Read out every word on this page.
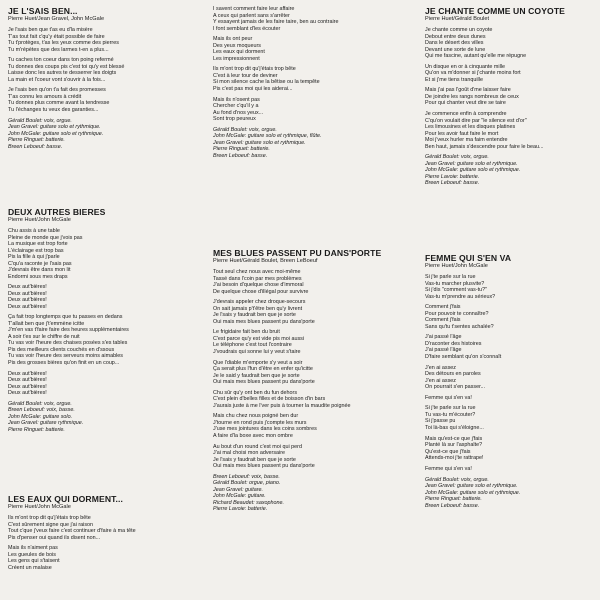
JE L'SAIS BEN...
Pierre Huet/Jean Gravel, John McGale
Je l'sais ben que t'as eu d'la misère
T'as tout fait c'qu'y était possible de faire
Tu t'protèges, t'as les yeux comme des pierres
Tu m'répètes que des larmes t-en a plus...
Tu caches ton coeur dans ton poing refermé
Tu donnes des coups pis c'est toi qu'y est blessé
Laisse donc les autres te desserrer les doigts
La main et l'coeur vont s'ouvrir à la fois...
Je l'sais ben qu'on t'a fait des promesses
T'as connu les amours à crédit
Tu donnes plus comme avant la tendresse
Tu l'échanges tu veux des garanties...
Gérald Boulet: voix, orgue.
Jean Gravel: guitare solo et rythmique.
John McGale: guitare solo et rythmique.
Pierre Ringuet: batterie.
Breen Leboeuf: basse.
DEUX AUTRES BIERES
Pierre Huet/John McGale
Chu assis à une table
Pleine de monde que j'vois pas
La musique est trop forte
L'éclairage est trop bas
Pis la fille à qui j'parle
C'qu'a raconte je l'sais pas
J'devrais être dans mon lit
Endormi sous mes draps
Deux aut'bières!
Deux aut'bières!
Deux aut'bières!
Deux aut'bières!
Ça fait trop longtemps que tu passes en dedans
T'allait ben que j't'emmène icitte
J'm'en vas t'faire faire des heures supplémentaires
A soir t'es sur le chiffre de nuit
Tu vas voir l'heure des chaises posées s'es tables
Pis des meilleurs clients couchés en d'ssous
Tu vas voir l'heure des serveurs moins aimables
Pis des grosses bières qu'on finit en un coup...
Deux aut'bières!
Deux aut'bières!
Deux aut'bières!
Deux aut'bières!
Gérald Boulet: voix, orgue.
Breen Leboeuf: voix, basse.
John McGale: guitare solo.
Jean Gravel: guitare rythmique.
Pierre Ringuet: batterie.
LES EAUX QUI DORMENT...
Pierre Huet/John McGale
Ils m'ont trop dit qu'j'étais trop bête
C'est sûrement signe que j'ai raison
Tout c'que j'veux faire c'est continuer d'faire à ma tête
Pis d'penser oui quand ils disent non...
Mais ils n'aiment pas
Les gueules de bois
Les gens qui s'taisent
Créent un malaise
I savent comment faire leur affaire
A ceux qui parlent sans s'arrêter
Y essayent jamais de les faire taire, ben au contraire
I font semblant d'les écouter
Mais ils ont peur
Des yeux moqueurs
Les eaux qui dorment
Les impressionnent
Ils m'ont trop dit qu'j'étais trop bête
C'est à leur tour de deviner
Si mon silence cache la bêtise ou la tempête
Pis c'est pas moi qui les aiderai...
Mais ils n'osent pas
Chercher c'qu'il y a
Au fond d'nos yeux...
Sont trop peureux
Gérald Boulet: voix, orgue.
John McGale: guitare solo et rythmique, flûte.
Jean Gravel: guitare solo et rythmique.
Pierre Ringuet: batterie.
Breen Leboeuf: basse.
MES BLUES PASSENT PU DANS'PORTE
Pierre Huet/Gérald Boulet, Breen LeBoeuf
Tout seul chez nous avec moi-même
Tassé dans l'coin par mes problèmes
J'ai besoin d'quelque chose d'immoral
De quelque chose d'illégal pour survivre
J'devrais appeler chez droque-secours
On sait jamais p't'être ben qu'y livrent
Je l'sais y faudrait ben que je sorte
Oui mais mes blues passent pu dans'porte
Le frigidaire fait ben du bruit
C'est parce qu'y est vide pis moi aussi
Le téléphone c'est tout l'contraire
J'voudrais qui sonne lui y veut s'taire
Que l'diable m'emporte s'y veut a soir
Ça serait plus l'fun d'être en enfer qu'icitte
Je le said y faudrait ben que je sorte
Oui mais mes blues passent pu dans'porte
Chu sûr qu'y ont ben du fun dehors
C'est plein d'belles filles et de boisson d'in bars
J'aurais juste à me l'ver puis à tourner la maudite poignée
Mais chu chez nous poigné ben dur
J'tourne en rond puis j'compte les murs
J'use mes jointures dans les coins sombres
A faire d'la boxe avec mon ombre
Au bout d'un round c'est moi qui perd
J'ai mal choisi mon adversaire
Je l'sais y faudrait ben que je sorte
Oui mais mes blues passent pu dans'porte
Breen Leboeuf: voix, basse.
Gérald Boulet: orgue, piano.
Jean Gravel: guitare.
John McGale: guitare.
Richard Beaudet: saxophone.
Pierre Lavoie: batterie.
JE CHANTE COMME UN COYOTE
Pierre Huet/Gérald Boulet
Je chante comme un coyote
Debout entre deux dunes
Dans le désert des villes
Devant une sorte de lune
Qui me fascine, autant qu'elle me répugne
Un disque en or à cinquante mille
Qu'on va m'donner si j'chante moins fort
Et si j'me tiens tranquille
Mais j'ai pas l'goût d'me laisser faire
De joindre les rangs nombreux de ceux
Pour qui chanter veut dire se taire
Je commence enfin à comprendre
C'qu'on voulait dire par "le silence est d'or"
Les limousines et les disques platines
Pour les avoir faut faire le mort
Moi j'veux hurler ma faim entendre
Ben haut, jamais s'descendre pour faire le beau...
Gérald Boulet: voix, orgue.
Jean Gravel: guitare solo et rythmique.
John McGale: guitare solo et rythmique.
Pierre Lavoie: batterie.
Breen Leboeuf: basse.
FEMME QUI S'EN VA
Pierre Huet/John McGale
Si j'te parle sur la rue
Vas-tu marcher plusvite?
Si j'dis "comment vas-tu?"
Vas-tu m'prendre au sérieux?
Comment j'fais
Pour pouvoir te connaître?
Comment j'fais
Sans qu'tu t'sentes achalée?
J'ai passé l'âge
D'raconter des histoires
J'ai passé l'âge
D'faire semblant qu'on s'connaît
J'en ai assez
Des détours en paroles
J'en ai assez
On pourrait s'en passer...
Femme qui s'en va!
Si j'te parle sur la rue
Tu vas-tu m'écouter?
Si j'passe pu
Toi là-bas qui s'éloigne...
Mais qu'est-ce que j'fais
Planté là sur l'asphalte?
Qu'est-ce que j'fais
Attends-moi j'te rattrape!
Femme qui s'en va!
Gérald Boulet: voix, orgue.
Jean Gravel: guitare solo et rythmique.
John McGale: guitare solo et rythmique.
Pierre Ringuet: batterie.
Breen Leboeuf: basse.
